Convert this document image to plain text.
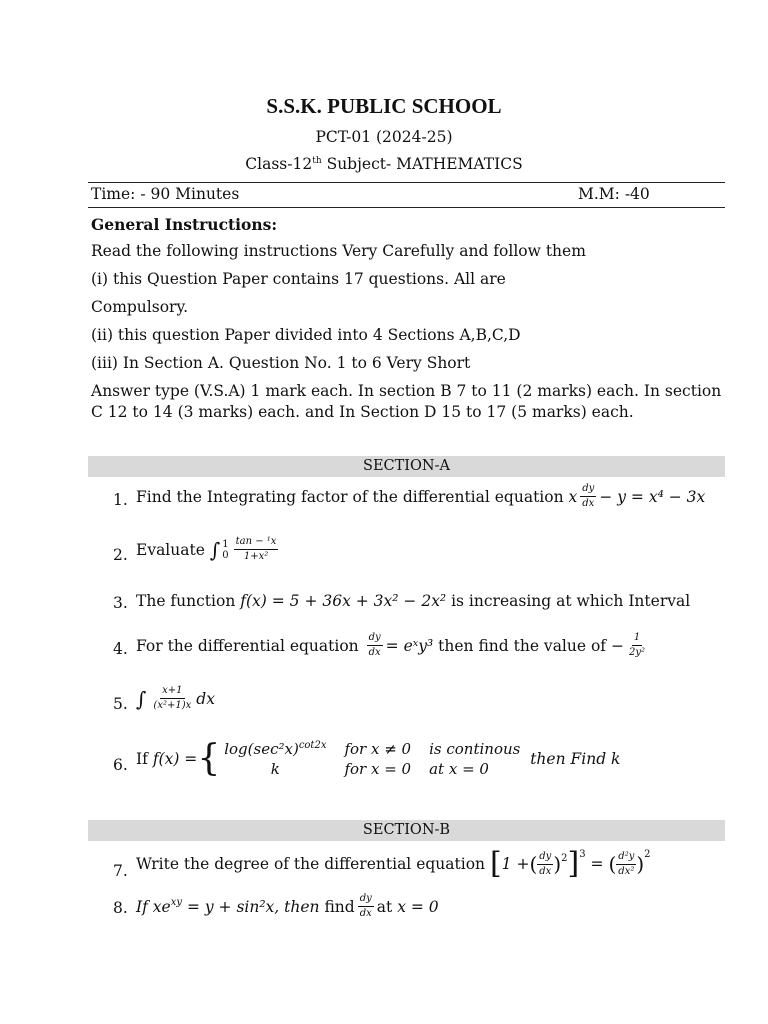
S.S.K. PUBLIC SCHOOL
PCT-01 (2024-25)
Class-12th Subject- MATHEMATICS
Time: - 90 Minutes	M.M: -40
General Instructions:
Read the following instructions Very Carefully and follow them
(i) this Question Paper contains 17 questions. All are
Compulsory.
(ii) this question Paper divided into 4 Sections A,B,C,D
(iii) In Section A. Question No. 1 to 6 Very Short
Answer type (V.S.A) 1 mark each. In section B 7 to 11 (2 marks) each. In section C 12 to 14 (3 marks) each. and In Section D 15 to 17 (5 marks) each.
SECTION-A
1. Find the Integrating factor of the differential equation
x $\frac{dy}{dx} - y = x^4 - 3x$
2. Evaluate
∫ 1
$0 \frac{\text{tan − ¹x}}{\text{1+x²}}$
3. The function
f(x) = 5 + 36x + 3x² − 2x²
is increasing at which Interval
4. For the differential equation
$\frac{dy}{dx}$ = eˣy³
then find the value of
− $\frac{1}{\text{2y²}}$
5. ∫ $\frac{x+1}{\text{(x²+1)x}}$ dx
6. If
f(x) = { $\log(\sec^2x)^{cot2x}$ for x ≠ 0 is continous
k	for x = 0 at x = 0

then Find k
SECTION-B
7. Write the degree of the differential equation
[ 1 + ( $\frac{dy}{dx} )^2$ ]$^3$

=
( $\frac{\text{d²y}}{\text{dx²}} )^2$
8. If $xe^{xy}$
= y + sin²x, then
find $\frac{dy}{dx}$ at
x = 0
